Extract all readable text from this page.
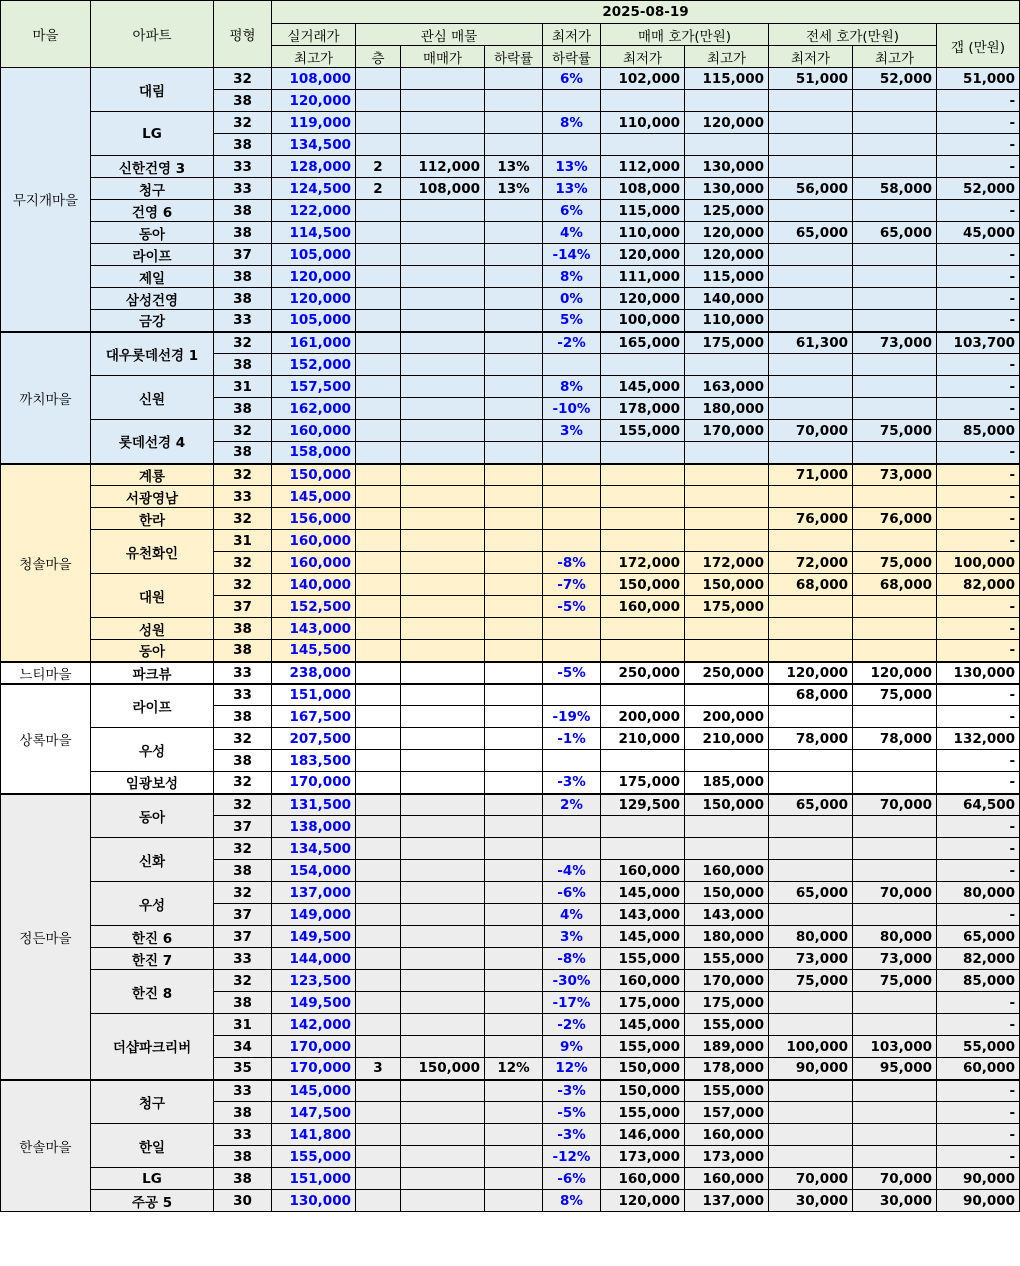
마을	아파트	평형	2025-08-19									
			실거래가	관심 매물			최저가	매매 호가(만원)		전세 호가(만원)		갭 (만원)
			최고가	층	매매가	하락률	하락률	최저가	최고가	최저가	최고가	
무지개마을	대림	32	108,000				6%	102,000	115,000	51,000	52,000	51,000
		38	120,000									-
	LG	32	119,000				8%	110,000	120,000			-
		38	134,500									-
	신한건영 3	33	128,000	2	112,000	13%	13%	112,000	130,000			-
	청구	33	124,500	2	108,000	13%	13%	108,000	130,000	56,000	58,000	52,000
	건영 6	38	122,000				6%	115,000	125,000			-
	동아	38	114,500				4%	110,000	120,000	65,000	65,000	45,000
	라이프	37	105,000				-14%	120,000	120,000			-
	제일	38	120,000				8%	111,000	115,000			-
	삼성건영	38	120,000				0%	120,000	140,000			-
	금강	33	105,000				5%	100,000	110,000			-
까치마을	대우롯데선경 1	32	161,000				-2%	165,000	175,000	61,300	73,000	103,700
		38	152,000									-
	신원	31	157,500				8%	145,000	163,000			-
		38	162,000				-10%	178,000	180,000			-
	롯데선경 4	32	160,000				3%	155,000	170,000	70,000	75,000	85,000
		38	158,000									-
청솔마을	계룡	32	150,000							71,000	73,000	-
	서광영남	33	145,000									-
	한라	32	156,000							76,000	76,000	-
	유천화인	31	160,000									-
		32	160,000				-8%	172,000	172,000	72,000	75,000	100,000
	대원	32	140,000				-7%	150,000	150,000	68,000	68,000	82,000
		37	152,500				-5%	160,000	175,000			-
	성원	38	143,000									-
	동아	38	145,500									-
느티마을	파크뷰	33	238,000				-5%	250,000	250,000	120,000	120,000	130,000
상록마을	라이프	33	151,000							68,000	75,000	-
		38	167,500				-19%	200,000	200,000			-
	우성	32	207,500				-1%	210,000	210,000	78,000	78,000	132,000
		38	183,500									-
	임광보성	32	170,000				-3%	175,000	185,000			-
정든마을	동아	32	131,500				2%	129,500	150,000	65,000	70,000	64,500
		37	138,000									-
	신화	32	134,500									-
		38	154,000				-4%	160,000	160,000			-
	우성	32	137,000				-6%	145,000	150,000	65,000	70,000	80,000
		37	149,000				4%	143,000	143,000			-
	한진 6	37	149,500				3%	145,000	180,000	80,000	80,000	65,000
	한진 7	33	144,000				-8%	155,000	155,000	73,000	73,000	82,000
	한진 8	32	123,500				-30%	160,000	170,000	75,000	75,000	85,000
		38	149,500				-17%	175,000	175,000			-
	더샵파크리버	31	142,000				-2%	145,000	155,000			-
		34	170,000				9%	155,000	189,000	100,000	103,000	55,000
		35	170,000	3	150,000	12%	12%	150,000	178,000	90,000	95,000	60,000
한솔마을	청구	33	145,000				-3%	150,000	155,000			-
		38	147,500				-5%	155,000	157,000			-
	한일	33	141,800				-3%	146,000	160,000			-
		38	155,000				-12%	173,000	173,000			-
	LG	38	151,000				-6%	160,000	160,000	70,000	70,000	90,000
	주공 5	30	130,000				8%	120,000	137,000	30,000	30,000	90,000
